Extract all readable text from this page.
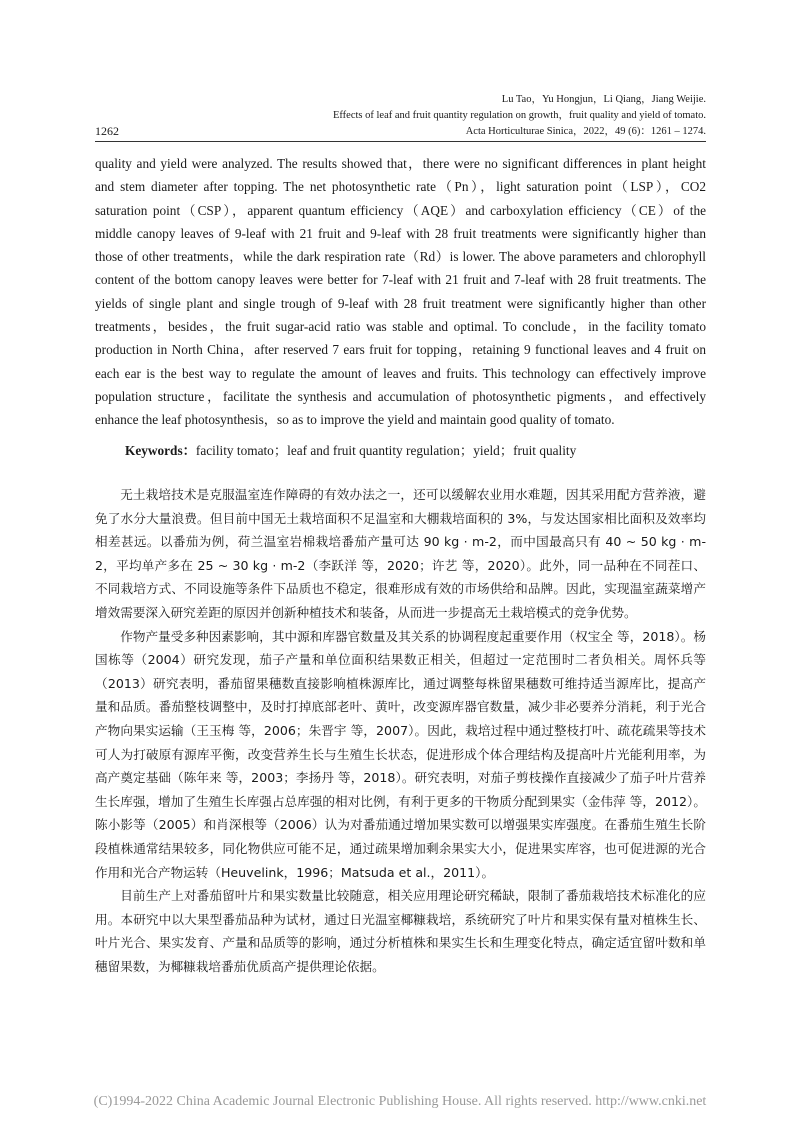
Lu Tao，Yu Hongjun，Li Qiang，Jiang Weijie.
Effects of leaf and fruit quantity regulation on growth，fruit quality and yield of tomato.
Acta Horticulturae Sinica，2022，49 (6)：1261 – 1274.
1262
quality and yield were analyzed. The results showed that，there were no significant differences in plant height and stem diameter after topping. The net photosynthetic rate（Pn），light saturation point（LSP），CO2 saturation point（CSP），apparent quantum efficiency（AQE）and carboxylation efficiency（CE）of the middle canopy leaves of 9-leaf with 21 fruit and 9-leaf with 28 fruit treatments were significantly higher than those of other treatments，while the dark respiration rate（Rd）is lower. The above parameters and chlorophyll content of the bottom canopy leaves were better for 7-leaf with 21 fruit and 7-leaf with 28 fruit treatments. The yields of single plant and single trough of 9-leaf with 28 fruit treatment were significantly higher than other treatments，besides，the fruit sugar-acid ratio was stable and optimal. To conclude，in the facility tomato production in North China，after reserved 7 ears fruit for topping，retaining 9 functional leaves and 4 fruit on each ear is the best way to regulate the amount of leaves and fruits. This technology can effectively improve population structure，facilitate the synthesis and accumulation of photosynthetic pigments，and effectively enhance the leaf photosynthesis，so as to improve the yield and maintain good quality of tomato.
Keywords：facility tomato；leaf and fruit quantity regulation；yield；fruit quality

无土栽培技术是克服温室连作障碍的有效办法之一，还可以缓解农业用水难题，因其采用配方营养液，避免了水分大量浪费。但目前中国无土栽培面积不足温室和大棚栽培面积的 3%，与发达国家相比面积及效率均相差甚远。以番茄为例，荷兰温室岩棉栽培番茄产量可达 90 kg · m-2，而中国最高只有 40 ~ 50 kg · m-2，平均单产多在 25 ~ 30 kg · m-2（李跃洋 等，2020；许艺 等，2020）。此外，同一品种在不同茬口、不同栽培方式、不同设施等条件下品质也不稳定，很难形成有效的市场供给和品牌。因此，实现温室蔬菜增产增效需要深入研究差距的原因并创新种植技术和装备，从而进一步提高无土栽培模式的竞争优势。

作物产量受多种因素影响，其中源和库器官数量及其关系的协调程度起重要作用（权宝全 等，2018）。杨国栋等（2004）研究发现，茄子产量和单位面积结果数正相关，但超过一定范围时二者负相关。周怀兵等（2013）研究表明，番茄留果穗数直接影响植株源库比，通过调整每株留果穗数可维持适当源库比，提高产量和品质。番茄整枝调整中，及时打掉底部老叶、黄叶，改变源库器官数量，减少非必要养分消耗，利于光合产物向果实运输（王玉梅 等，2006；朱晋宇 等，2007）。因此，栽培过程中通过整枝打叶、疏花疏果等技术可人为打破原有源库平衡，改变营养生长与生殖生长状态，促进形成个体合理结构及提高叶片光能利用率，为高产奠定基础（陈年来 等，2003；李扬丹 等，2018）。研究表明，对茄子剪枝操作直接减少了茄子叶片营养生长库强，增加了生殖生长库强占总库强的相对比例，有利于更多的干物质分配到果实（金伟萍 等，2012）。陈小影等（2005）和肖深根等（2006）认为对番茄通过增加果实数可以增强果实库强度。在番茄生殖生长阶段植株通常结果较多，同化物供应可能不足，通过疏果增加剩余果实大小，促进果实库容，也可促进源的光合作用和光合产物运转（Heuvelink，1996；Matsuda et al.，2011）。

目前生产上对番茄留叶片和果实数量比较随意，相关应用理论研究稀缺，限制了番茄栽培技术标准化的应用。本研究中以大果型番茄品种为试材，通过日光温室椰糠栽培，系统研究了叶片和果实保有量对植株生长、叶片光合、果实发育、产量和品质等的影响，通过分析植株和果实生长和生理变化特点，确定适宜留叶数和单穗留果数，为椰糠栽培番茄优质高产提供理论依据。

(C)1994-2022 China Academic Journal Electronic Publishing House. All rights reserved. http://www.cnki.net
